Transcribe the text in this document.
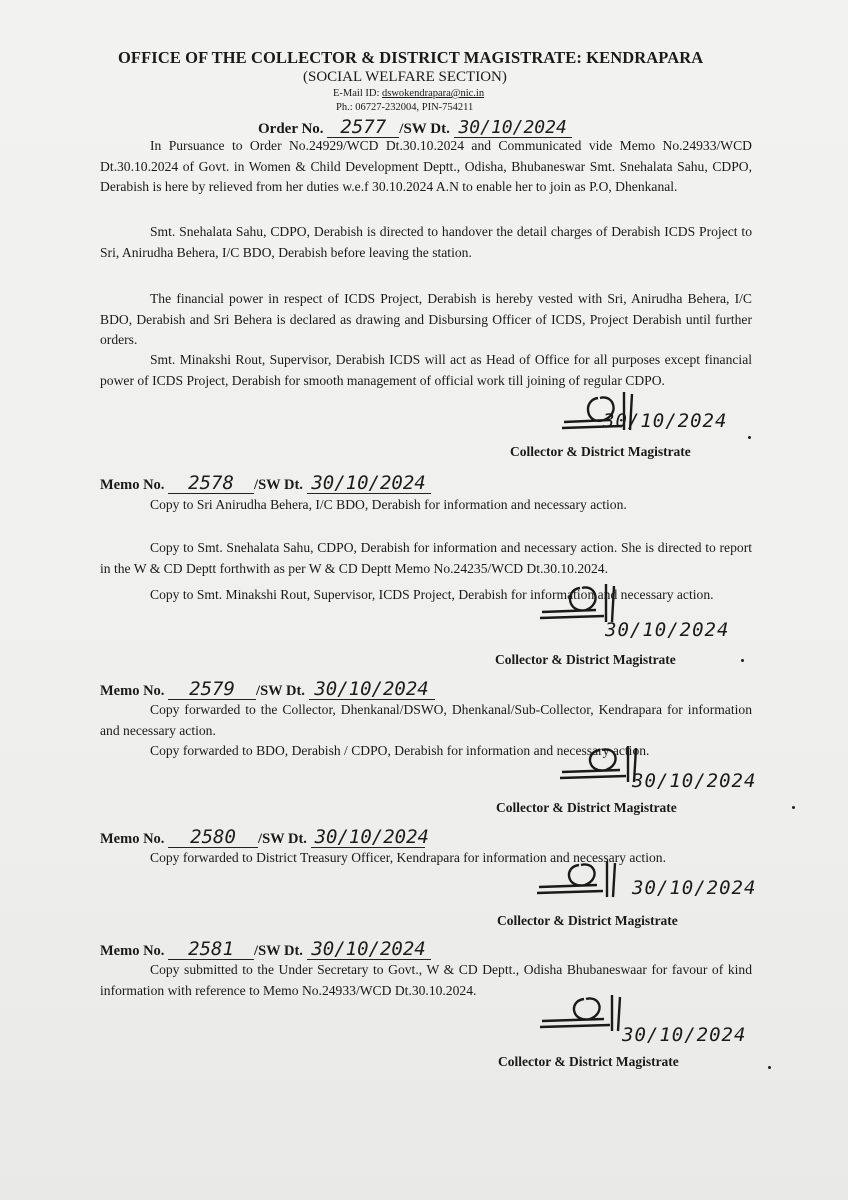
OFFICE OF THE COLLECTOR & DISTRICT MAGISTRATE: KENDRAPARA
(SOCIAL WELFARE SECTION)
E-Mail ID: dswokendrapara@nic.in
Ph.: 06727-232004, PIN-754211
Order No. 2577 /SW Dt. 30/10/2024
In Pursuance to Order No.24929/WCD Dt.30.10.2024 and Communicated vide Memo No.24933/WCD Dt.30.10.2024 of Govt. in Women & Child Development Deptt., Odisha, Bhubaneswar Smt. Snehalata Sahu, CDPO, Derabish is here by relieved from her duties w.e.f 30.10.2024 A.N to enable her to join as P.O, Dhenkanal.
Smt. Snehalata Sahu, CDPO, Derabish is directed to handover the detail charges of Derabish ICDS Project to Sri, Anirudha Behera, I/C BDO, Derabish before leaving the station.
The financial power in respect of ICDS Project, Derabish is hereby vested with Sri, Anirudha Behera, I/C BDO, Derabish and Sri Behera is declared as drawing and Disbursing Officer of ICDS, Project Derabish until further orders.
Smt. Minakshi Rout, Supervisor, Derabish ICDS will act as Head of Office for all purposes except financial power of ICDS Project, Derabish for smooth management of official work till joining of regular CDPO.
30/10/2024
Collector & District Magistrate
Memo No. 2578 /SW Dt. 30/10/2024
Copy to Sri Anirudha Behera, I/C BDO, Derabish for information and necessary action.
Copy to Smt. Snehalata Sahu, CDPO, Derabish for information and necessary action. She is directed to report in the W & CD Deptt forthwith as per W & CD Deptt Memo No.24235/WCD Dt.30.10.2024.
Copy to Smt. Minakshi Rout, Supervisor, ICDS Project, Derabish for information and necessary action.
30/10/2024
Collector & District Magistrate
Memo No. 2579 /SW Dt. 30/10/2024
Copy forwarded to the Collector, Dhenkanal/DSWO, Dhenkanal/Sub-Collector, Kendrapara for information and necessary action.
Copy forwarded to BDO, Derabish / CDPO, Derabish for information and necessary action.
30/10/2024
Collector & District Magistrate
Memo No. 2580 /SW Dt. 30/10/2024
Copy forwarded to District Treasury Officer, Kendrapara for information and necessary action.
30/10/2024
Collector & District Magistrate
Memo No. 2581 /SW Dt. 30/10/2024
Copy submitted to the Under Secretary to Govt., W & CD Deptt., Odisha Bhubaneswaar for favour of kind information with reference to Memo No.24933/WCD Dt.30.10.2024.
30/10/2024
Collector & District Magistrate
